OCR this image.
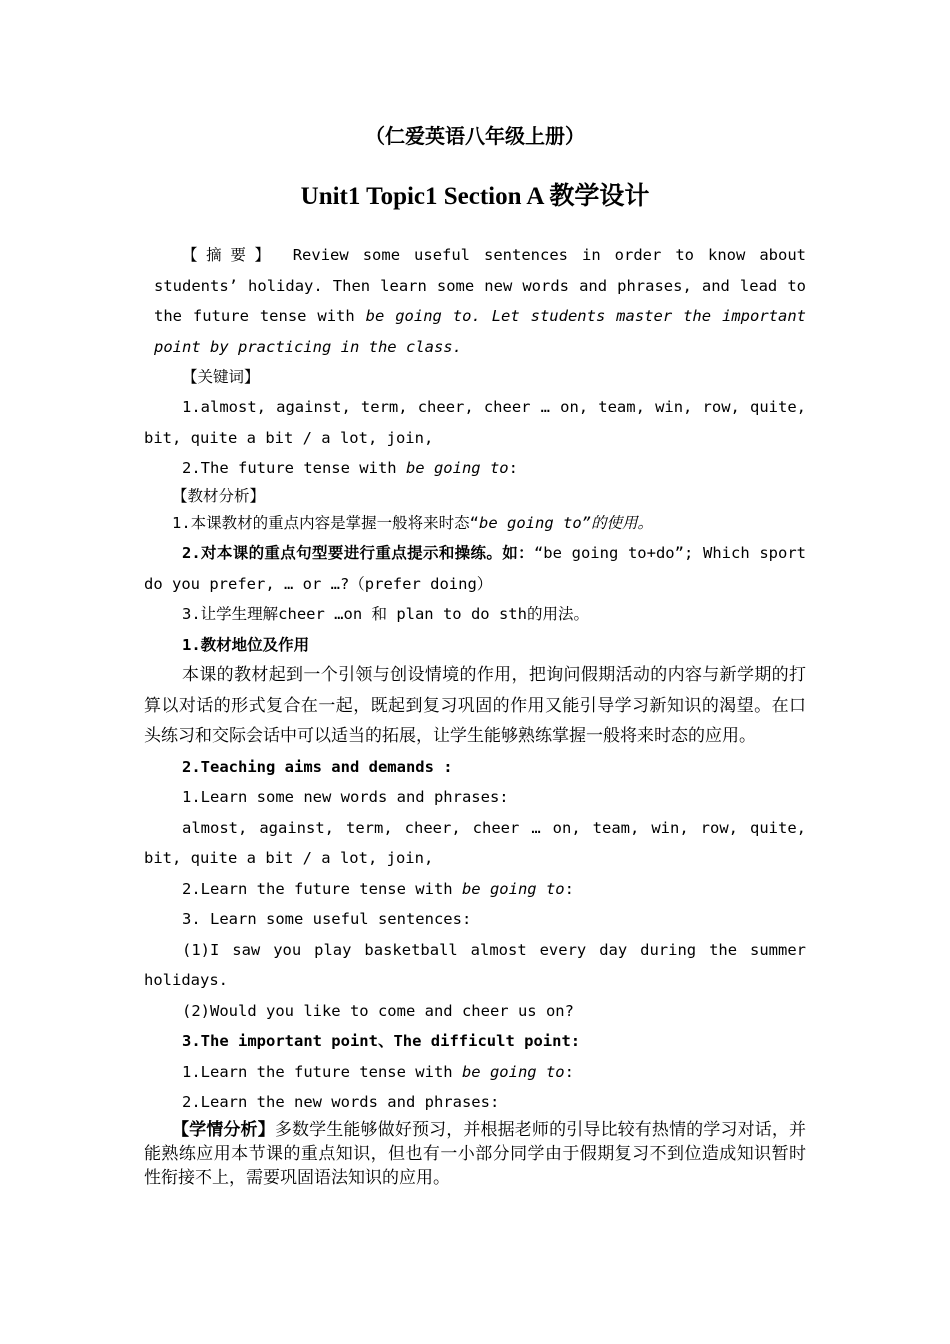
（仁爱英语八年级上册）
Unit1 Topic1 Section A 教学设计

【摘要】 Review some useful sentences in order to know about students’ holiday. Then learn some new words and phrases, and lead to the future tense with be going to. Let students master the important point by practicing in the class.

【关键词】

1.almost, against, term, cheer, cheer … on, team, win, row, quite, bit, quite a bit / a lot, join,

2.The future tense with be going to:

【教材分析】

1.本课教材的重点内容是掌握一般将来时态“be going to”的使用。

2.对本课的重点句型要进行重点提示和操练。如：“be going to+do”; Which sport do you prefer, … or …?（prefer doing）

3.让学生理解cheer …on 和 plan to do sth的用法。

1.教材地位及作用

本课的教材起到一个引领与创设情境的作用，把询问假期活动的内容与新学期的打算以对话的形式复合在一起，既起到复习巩固的作用又能引导学习新知识的渴望。在口头练习和交际会话中可以适当的拓展，让学生能够熟练掌握一般将来时态的应用。

2.Teaching aims and demands :

1.Learn some new words and phrases:

almost, against, term, cheer, cheer … on, team, win, row, quite, bit, quite a bit / a lot, join,

2.Learn the future tense with be going to:

3. Learn some useful sentences:

(1)I saw you play basketball almost every day during the summer holidays.

(2)Would you like to come and cheer us on?

3.The important point、The difficult point:

1.Learn the future tense with be going to:

2.Learn the new words and phrases:

【学情分析】多数学生能够做好预习，并根据老师的引导比较有热情的学习对话，并能熟练应用本节课的重点知识，但也有一小部分同学由于假期复习不到位造成知识暂时性衔接不上，需要巩固语法知识的应用。
